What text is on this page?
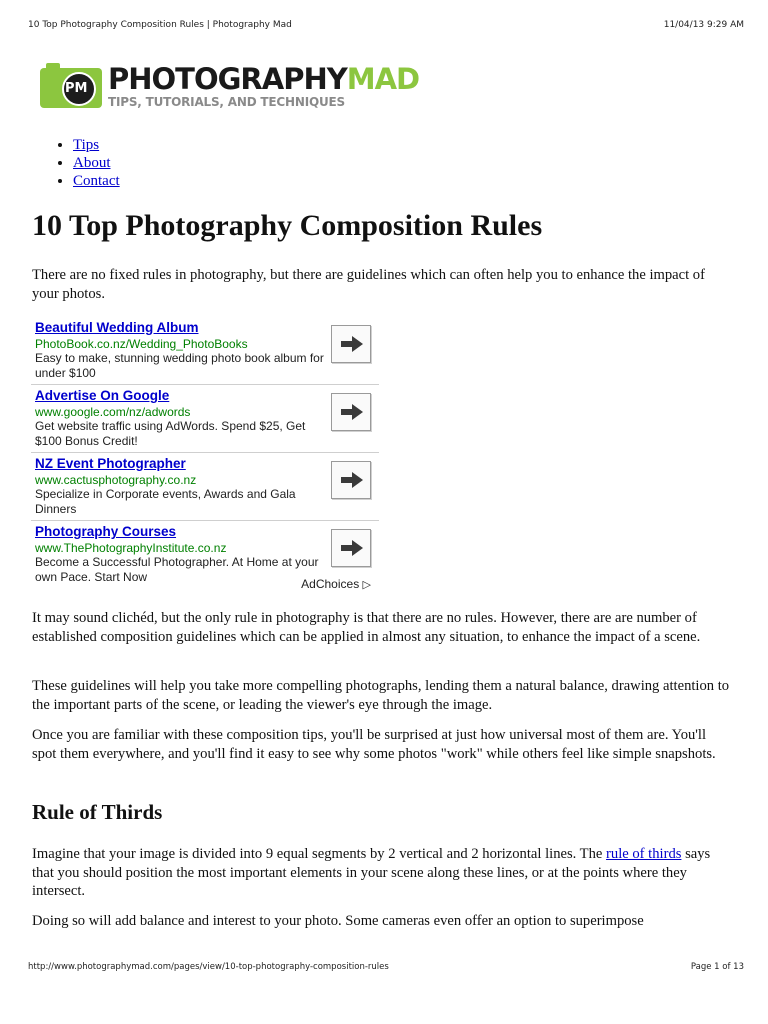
10 Top Photography Composition Rules | Photography Mad	11/04/13 9:29 AM
PM PHOTOGRAPHYMAD
TIPS, TUTORIALS, AND TECHNIQUES
• Tips
• About
• Contact
10 Top Photography Composition Rules

There are no fixed rules in photography, but there are guidelines which can often help you to enhance the impact of your photos.

Beautiful Wedding Album
PhotoBook.co.nz/Wedding_PhotoBooks
Easy to make, stunning wedding photo book album for under $100
Advertise On Google
www.google.com/nz/adwords
Get website traffic using AdWords. Spend $25, Get $100 Bonus Credit!
NZ Event Photographer
www.cactusphotography.co.nz
Specialize in Corporate events, Awards and Gala Dinners
Photography Courses
www.ThePhotographyInstitute.co.nz
Become a Successful Photographer. At Home at your own Pace. Start Now
AdChoices ▷

It may sound clichéd, but the only rule in photography is that there are no rules. However, there are are number of established composition guidelines which can be applied in almost any situation, to enhance the impact of a scene.

These guidelines will help you take more compelling photographs, lending them a natural balance, drawing attention to the important parts of the scene, or leading the viewer's eye through the image.

Once you are familiar with these composition tips, you'll be surprised at just how universal most of them are. You'll spot them everywhere, and you'll find it easy to see why some photos "work" while others feel like simple snapshots.

Rule of Thirds

Imagine that your image is divided into 9 equal segments by 2 vertical and 2 horizontal lines. The rule of thirds says that you should position the most important elements in your scene along these lines, or at the points where they intersect.

Doing so will add balance and interest to your photo. Some cameras even offer an option to superimpose

http://www.photographymad.com/pages/view/10-top-photography-composition-rules	Page 1 of 13
